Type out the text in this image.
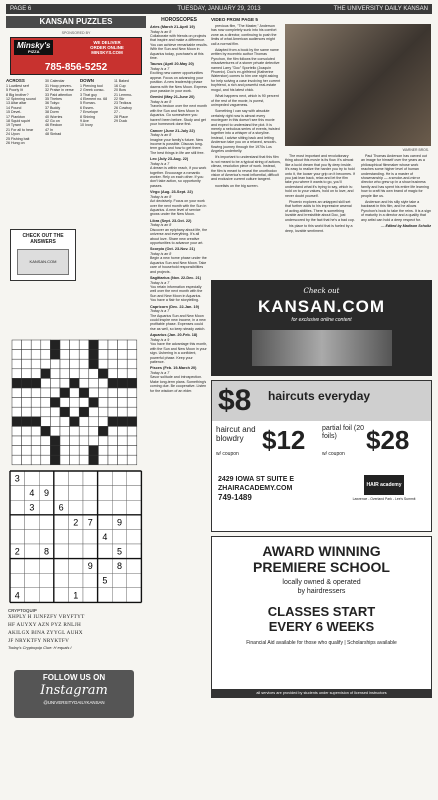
PAGE 6	TUESDAY, JANUARY 29, 2013	THE UNIVERSITY DAILY KANSAN
KANSAN PUZZLES
SPONSORED BY
Minsky's
PIZZA
WE DELIVER
ORDER ONLINE
MINSKYS.COM
785-856-5252
ACROSS
1 Lowliest serf
5 Poorly lit
8 Big brother?
12 Spinning sound
13 Altar altar
14 Pound
15 Devel-
17 Plankton
18 Squid squirt
19 Tyrant
21 For all to hear
24 Upon
25 Fishing bait
26 Hung on
30 Calendar
31 Hoop preven-
32 Praise in verse
33 Paid attention
35 Thebes
36 Tokyo
37 Buddy
38 Dorm
40 Worries
42 Go on
46 Reckon
47 In
48 Sinbad
DOWN
1 Piercing tool
2 Greek conso-
3 That guy
4 Element no. 68
5 Roman-
6 Essen-
7 Envelope
8 Shining
9 Ave
10 Ivory
11 Baked
16 Cup
20 Bow
21 Lemmo-
22 Stir
23 Tedious
26 Cowboy
27 -
28 Place
29 Duck
CHECK OUT THE ANSWERS
KANSAN.COM
3
4 9
3	6
2 7	9
4
2	8	5
9	8
5
4	1
CRYPTOQUIP
XHPLY H IUNFZFY VBYFTYT
HF AUYXY AZN PYZ RNLJH
AKILGX BINA ZYYGL AUHX
JF NRYKTFY NRYKTFV
Today's Cryptoquip Clue: H equals I
FOLLOW US ON
Instagram
@UNIVERSITYDAILYKANSAN
HOROSCOPES
Aries (March 21-April 19)
Today is an 8
Collaborate with friends on projects that inspire and make a difference. You can achieve remarkable results. With the Sun and New Moon in Aquarius today, purchase's at this time.
Taurus (April 20-May 20)
Today is a 7
Exciting new career opportunities appear. Focus on advancing your position. A new leadership phase dawns with the New Moon. Express your passion in your work.
Gemini (May 21-June 20)
Today is an 8
Travels beckon over the next month with the Sun and New Moon in Aquarius. Go somewhere you haven't been before. Study and get your homework done first.
Cancer (June 21-July 22)
Today is an 8
Imagine your family's future. New income is possible. Discuss long-term goals and how to get there. The best things in life are still free.
Leo (July 23-Aug. 22)
Today is a 7
A dream is within reach, if you work together. Encourage a romantic worker. Rely on each other. If you don't take action, so opportunity passes.
Virgo (Aug. 23-Sept. 22)
Today is an 8
Act decisively. Focus on your work over the next month with the Sun in Aquarius. A new level of service grows under the New Moon.
Libra (Sept. 23-Oct. 22)
Today is an 8
Discover an epiphany about life, the universe and everything. It's all about love. Share new creative opportunities to advance your art.
Scorpio (Oct. 23-Nov. 21)
Today is an 8
Begin a new home phase under the Aquarius Sun and New Moon. Take care of household responsibilities and projects.
Sagittarius (Nov. 22-Dec. 21)
Today is a 7
You retain information especially well over the next month with the Sun and New Moon in Aquarius. You have a flair for storytelling.
Capricorn (Dec. 22-Jan. 19)
Today is a 7
The Aquarius Sun and New Moon could inspire new income, in a new profitable phase. Expenses could rise as well, so keep steady watch.
Aquarius (Jan. 20-Feb. 18)
Today is a 9
You have the advantage this month, with the Sun and New Moon in your sign. Ushering in a confident, powerful phase. Keep your patience.
Pisces (Feb. 19-March 20)
Today is a 7
Savor solitude and introspection. Make long-term plans. Something's coming due. Be cooperative. Listen for the wisdom of an elder.
VIDEO FROM PAGE 5

previous film, "The Master," Anderson has now completely sunk into his comfort zone as a director, continuing to push the limits of what American audiences might call a normal film.

Adapted from a book by the same name written by eccentric author Thomas Pynchon, the film follows the convoluted misadventures of a stoner private detective named Larry "Doc" Sportello (Joaquin Phoenix). Doc's ex-girlfriend (Katherine Waterston) comes to him one night asking for help solving a case involving her current boyfriend, a rich and powerful real-estate mogul, and his latest chick.

What happens next, which is 90 percent of the rest of the movie, is purest, unimpeded vagueness.

Something I can say with absolute certainty right now is almost every moviegoer in this doesn't see this movie and expect to understand the plot. It is merely a nebulous series of events, twisted together into a whisper of a storyline. Instead, I advise sitting back and letting Anderson take you on a relaxed, smooth-flowing journey through the 1970s Los Angeles underbelly.

It's important to understand that this film is not meant to be a typical string of actions, climax, resolution piece of work. Instead, the film is meant to reveal the unorthodox vision of America's most influential, difficult and exclusive current culture tangent.

novelists on the big screen.

WARNER BROS.

The most important and revolutionary thing about this movie is its flow. It's almost like a lucid dream that you fly deep inside. It's easy to realize the harder you try to hold onto it, the looser your grip on it becomes. If you just lean back, relax and let the film take you where it wants to go, you'll understand what it's trying to say, which is: hold on to your values, hold on to love, and never doubt yourself.

Phoenix explores an untapped skill set that further adds to his impressive arsenal of acting abilities. There is something lovable and irresistible about Doc, just underscored by the fact that he's a bad cop.

his place to this world that is fueled by a deep, lovable sentiment.

Paul Thomas Anderson has carved out an image for himself over the years as a philosophical filmmaker whose work reaches some higher level of human understanding. He is a master of showmanship — a smoke-and-mirror director who grew up in a show business family and has spent his entire life learning how to craft his own brand of magic for people like us.

Anderson and his silly style take a backseat in this film, and he allows Pynchon's book to take the reins. It is a sign of maturity in a director and a quality that any artist can hold a deep respect for.

— Edited by Madison Schultz
Check out
KANSAN.COM
for exclusive online content
$8 haircuts everyday
haircut and blowdry $12
w/ coupon
partial foil (20 foils)	$28
w/ coupon
2429 IOWA ST SUITE E
ZHAIRACADEMY.COM
749-1489
HAIR academy
Lawrence - Overland Park - Lee's Summit
AWARD WINNING
PREMIERE SCHOOL
locally owned & operated
by hairdressers
CLASSES START
EVERY 6 WEEKS
Financial Aid available for those who qualify | Scholarships available
all services are provided by students under supervision of licensed instructors
